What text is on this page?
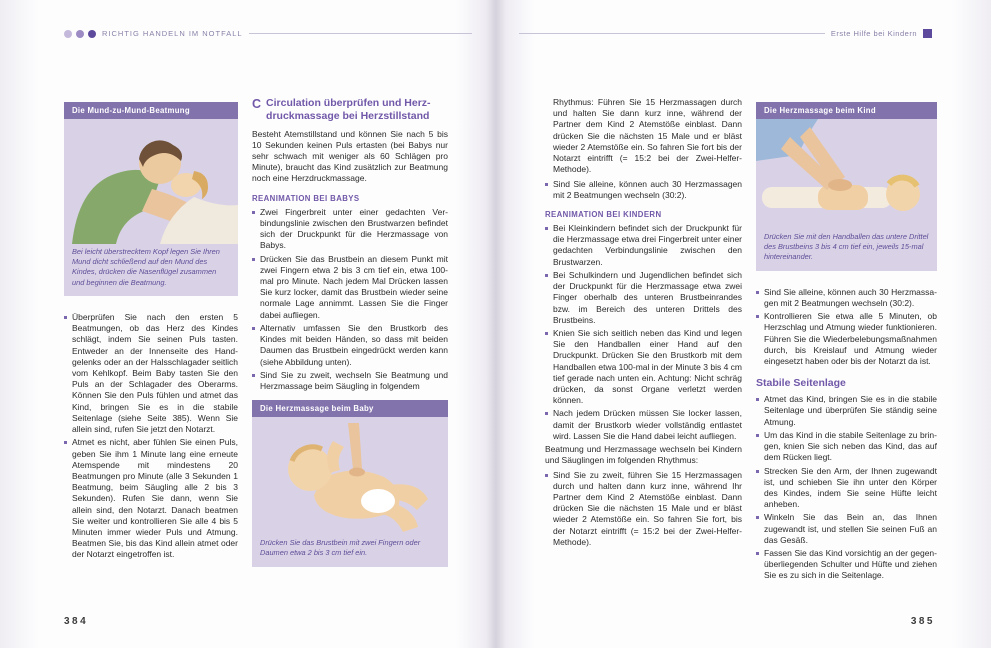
RICHTIG HANDELN IM NOTFALL	Erste Hilfe bei Kindern
Die Mund-zu-Mund-Beatmung
Bei leicht überstrecktem Kopf legen Sie Ihren Mund dicht schließend auf den Mund des Kindes, drücken die Nasenflügel zusammen und beginnen die Beatmung.
Überprüfen Sie nach den ersten 5 Beatmungen, ob das Herz des Kindes schlägt, indem Sie seinen Puls tasten. Entweder an der Innenseite des Handgelenks oder an der Halsschlagader seitlich vom Kehlkopf. Beim Baby tasten Sie den Puls an der Schlagader des Oberarms. Können Sie den Puls fühlen und atmet das Kind, bringen Sie es in die stabile Seitenlage (siehe Seite 385). Wenn Sie allein sind, rufen Sie jetzt den Notarzt.
Atmet es nicht, aber fühlen Sie einen Puls, geben Sie ihm 1 Minute lang eine erneute Atemspende mit mindestens 20 Beatmungen pro Minute (alle 3 Sekunden 1 Beatmung, beim Säugling alle 2 bis 3 Sekunden). Rufen Sie dann, wenn Sie allein sind, den Notarzt. Danach beatmen Sie weiter und kontrollieren Sie alle 4 bis 5 Minuten immer wieder Puls und Atmung. Beatmen Sie, bis das Kind allein atmet oder der Notarzt eingetroffen ist.
C Circulation überprüfen und Herzdruckmassage bei Herzstillstand

Besteht Atemstillstand und können Sie nach 5 bis 10 Sekunden keinen Puls ertasten (bei Babys nur sehr schwach mit weniger als 60 Schlägen pro Minute), braucht das Kind zusätzlich zur Beatmung noch eine Herzdruckmassage.

REANIMATION BEI BABYS
Zwei Fingerbreit unter einer gedachten Verbindungslinie zwischen den Brustwarzen befindet sich der Druckpunkt für die Herzmassage von Babys.
Drücken Sie das Brustbein an diesem Punkt mit zwei Fingern etwa 2 bis 3 cm tief ein, etwa 100-mal pro Minute. Nach jedem Mal Drücken lassen Sie kurz locker, damit das Brustbein wieder seine normale Lage annimmt. Lassen Sie die Finger dabei aufliegen.
Alternativ umfassen Sie den Brustkorb des Kindes mit beiden Händen, so dass mit beiden Daumen das Brustbein eingedrückt werden kann (siehe Abbildung unten).
Sind Sie zu zweit, wechseln Sie Beatmung und Herzmassage beim Säugling in folgendem
Die Herzmassage beim Baby
Drücken Sie das Brustbein mit zwei Fingern oder Daumen etwa 2 bis 3 cm tief ein.

Rhythmus: Führen Sie 15 Herzmassagen durch und halten Sie dann kurz inne, während der Partner dem Kind 2 Atemstöße einblast. Dann drücken Sie die nächsten 15 Male und er bläst wieder 2 Atemstöße ein. So fahren Sie fort bis der Notarzt eintrifft (= 15:2 bei der Zwei-Helfer-Methode).

Sind Sie alleine, können auch 30 Herzmassagen mit 2 Beatmungen wechseln (30:2).
REANIMATION BEI KINDERN
Bei Kleinkindern befindet sich der Druckpunkt für die Herzmassage etwa drei Fingerbreit unter einer gedachten Verbindungslinie zwischen den Brustwarzen.
Bei Schulkindern und Jugendlichen befindet sich der Druckpunkt für die Herzmassage etwa zwei Finger oberhalb des unteren Brustbeinrandes bzw. im Bereich des unteren Drittels des Brustbeins.
Knien Sie sich seitlich neben das Kind und legen Sie den Handballen einer Hand auf den Druckpunkt. Drücken Sie den Brustkorb mit dem Handballen etwa 100-mal in der Minute 3 bis 4 cm tief gerade nach unten ein. Achtung: Nicht schräg drücken, da sonst Organe verletzt werden können.
Nach jedem Drücken müssen Sie locker lassen, damit der Brustkorb wieder vollständig entlastet wird. Lassen Sie die Hand dabei leicht aufliegen.

Beatmung und Herzmassage wechseln bei Kindern und Säuglingen im folgenden Rhythmus:

Sind Sie zu zweit, führen Sie 15 Herzmassagen durch und halten dann kurz inne, während Ihr Partner dem Kind 2 Atemstöße einblast. Dann drücken Sie die nächsten 15 Male und er bläst wieder 2 Atemstöße ein. So fahren Sie fort, bis der Notarzt eintrifft (= 15:2 bei der Zwei-Helfer-Methode).
Die Herzmassage beim Kind
Drücken Sie mit den Handballen das untere Drittel des Brustbeins 3 bis 4 cm tief ein, jeweils 15-mal hintereinander.
Sind Sie alleine, können auch 30 Herzmassagen mit 2 Beatmungen wechseln (30:2).
Kontrollieren Sie etwa alle 5 Minuten, ob Herzschlag und Atmung wieder funktionieren. Führen Sie die Wiederbelebungsmaßnahmen durch, bis Kreislauf und Atmung wieder eingesetzt haben oder bis der Notarzt da ist.
Stabile Seitenlage
Atmet das Kind, bringen Sie es in die stabile Seitenlage und überprüfen Sie ständig seine Atmung.
Um das Kind in die stabile Seitenlage zu bringen, knien Sie sich neben das Kind, das auf dem Rücken liegt.
Strecken Sie den Arm, der Ihnen zugewandt ist, und schieben Sie ihn unter den Körper des Kindes, indem Sie seine Hüfte leicht anheben.
Winkeln Sie das Bein an, das Ihnen zugewandt ist, und stellen Sie seinen Fuß an das Gesäß.
Fassen Sie das Kind vorsichtig an der gegenüberliegenden Schulter und Hüfte und ziehen Sie es zu sich in die Seitenlage.
384	385
